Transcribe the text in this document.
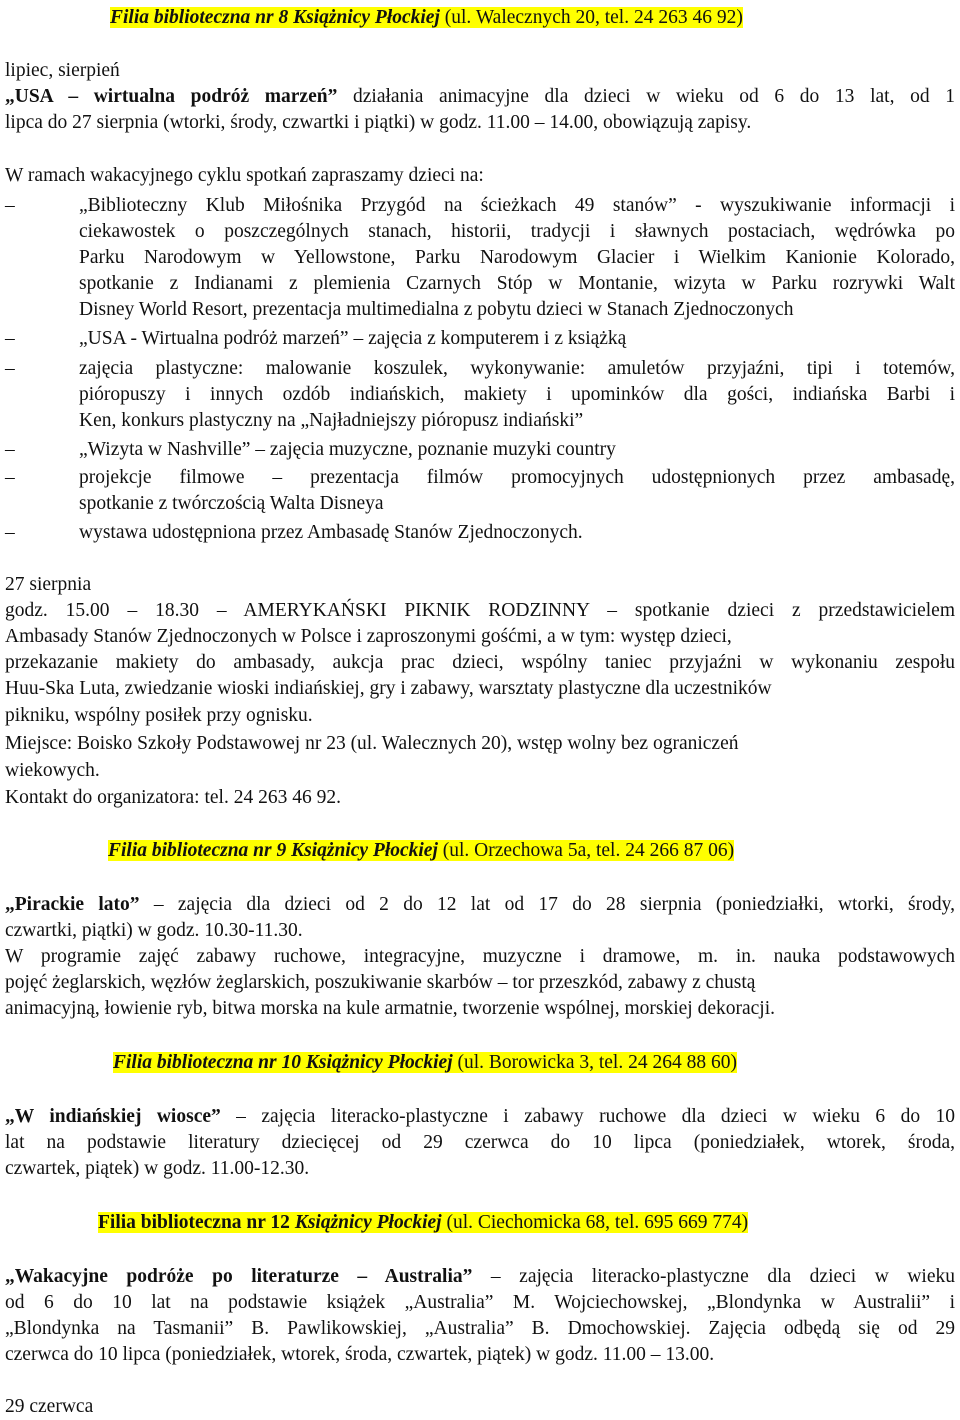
Filia biblioteczna nr 8 Książnicy Płockiej (ul. Walecznych 20, tel. 24 263 46 92)
lipiec, sierpień
„USA – wirtualna podróż marzeń” działania animacyjne dla dzieci w wieku od 6 do 13 lat, od 1
lipca do 27 sierpnia (wtorki, środy, czwartki i piątki) w godz. 11.00 – 14.00, obowiązują zapisy.
W ramach wakacyjnego cyklu spotkań zapraszamy dzieci na:
–	„Biblioteczny Klub Miłośnika Przygód na ścieżkach 49 stanów” - wyszukiwanie informacji i
ciekawostek o poszczególnych stanach, historii, tradycji i sławnych postaciach, wędrówka po
Parku Narodowym w Yellowstone, Parku Narodowym Glacier i Wielkim Kanionie Kolorado,
spotkanie z Indianami z plemienia Czarnych Stóp w Montanie, wizyta w Parku rozrywki Walt
Disney World Resort, prezentacja multimedialna z pobytu dzieci w Stanach Zjednoczonych
–	„USA - Wirtualna podróż marzeń” – zajęcia z komputerem i z książką
–	zajęcia plastyczne: malowanie koszulek, wykonywanie: amuletów przyjaźni, tipi i totemów,
pióropuszy i innych ozdób indiańskich, makiety i upominków dla gości, indiańska Barbi i
Ken, konkurs plastyczny na „Najładniejszy pióropusz indiański”
–	„Wizyta w Nashville” – zajęcia muzyczne, poznanie muzyki country
–	projekcje filmowe – prezentacja filmów promocyjnych udostępnionych przez ambasadę,
spotkanie z twórczością Walta Disneya
–	wystawa udostępniona przez Ambasadę Stanów Zjednoczonych.
27 sierpnia
godz. 15.00 – 18.30 – AMERYKAŃSKI PIKNIK RODZINNY – spotkanie dzieci z przedstawicielem
Ambasady Stanów Zjednoczonych w Polsce i zaproszonymi gośćmi, a w tym: występ dzieci,
przekazanie makiety do ambasady, aukcja prac dzieci, wspólny taniec przyjaźni w wykonaniu zespołu
Huu-Ska Luta, zwiedzanie wioski indiańskiej, gry i zabawy, warsztaty plastyczne dla uczestników
pikniku, wspólny posiłek przy ognisku.
Miejsce: Boisko Szkoły Podstawowej nr 23 (ul. Walecznych 20), wstęp wolny bez ograniczeń
wiekowych.
Kontakt do organizatora: tel. 24 263 46 92.
Filia biblioteczna nr 9 Książnicy Płockiej (ul. Orzechowa 5a, tel. 24 266 87 06)
„Pirackie lato” – zajęcia dla dzieci od 2 do 12 lat od 17 do 28 sierpnia (poniedziałki, wtorki, środy,
czwartki, piątki) w godz. 10.30-11.30.
W programie zajęć zabawy ruchowe, integracyjne, muzyczne i dramowe, m. in. nauka podstawowych
pojęć żeglarskich, węzłów żeglarskich, poszukiwanie skarbów – tor przeszkód, zabawy z chustą
animacyjną, łowienie ryb, bitwa morska na kule armatnie, tworzenie wspólnej, morskiej dekoracji.
Filia biblioteczna nr 10 Książnicy Płockiej (ul. Borowicka 3, tel. 24 264 88 60)
„W indiańskiej wiosce” – zajęcia literacko-plastyczne i zabawy ruchowe dla dzieci w wieku 6 do 10
lat na podstawie literatury dziecięcej od 29 czerwca do 10 lipca (poniedziałek, wtorek, środa,
czwartek, piątek) w godz. 11.00-12.30.
Filia biblioteczna nr 12 Książnicy Płockiej (ul. Ciechomicka 68, tel. 695 669 774)
„Wakacyjne podróże po literaturze – Australia” – zajęcia literacko-plastyczne dla dzieci w wieku
od 6 do 10 lat na podstawie książek „Australia” M. Wojciechowskej, „Blondynka w Australii” i
„Blondynka na Tasmanii” B. Pawlikowskiej, „Australia” B. Dmochowskiej. Zajęcia odbędą się od 29
czerwca do 10 lipca (poniedziałek, wtorek, środa, czwartek, piątek) w godz. 11.00 – 13.00.
29 czerwca
